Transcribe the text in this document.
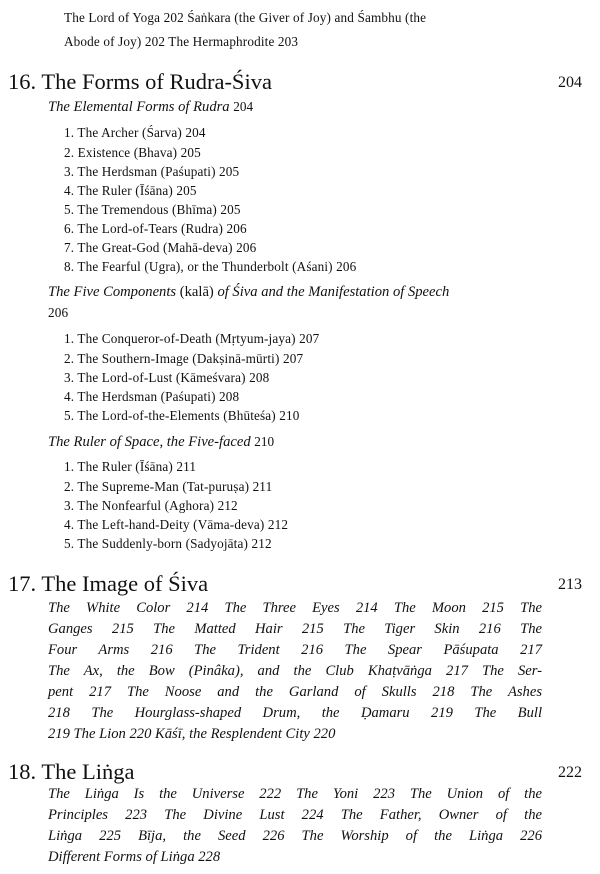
The Lord of Yoga 202 Śaṅkara (the Giver of Joy) and Śambhu (the
Abode of Joy) 202 The Hermaphrodite 203
16. The Forms of Rudra-Śiva	204
The Elemental Forms of Rudra 204
1. The Archer (Śarva) 204
2. Existence (Bhava) 205
3. The Herdsman (Paśupati) 205
4. The Ruler (Īśāna) 205
5. The Tremendous (Bhīma) 205
6. The Lord-of-Tears (Rudra) 206
7. The Great-God (Mahā-deva) 206
8. The Fearful (Ugra), or the Thunderbolt (Aśani) 206
The Five Components (kalā) of Śiva and the Manifestation of Speech
206
1. The Conqueror-of-Death (Mṛtyum-jaya) 207
2. The Southern-Image (Dakṣinā-mūrti) 207
3. The Lord-of-Lust (Kāmeśvara) 208
4. The Herdsman (Paśupati) 208
5. The Lord-of-the-Elements (Bhūteśa) 210
The Ruler of Space, the Five-faced 210
1. The Ruler (Īśāna) 211
2. The Supreme-Man (Tat-puruṣa) 211
3. The Nonfearful (Aghora) 212
4. The Left-hand-Deity (Vāma-deva) 212
5. The Suddenly-born (Sadyojāta) 212
17. The Image of Śiva	213
The White Color 214 The Three Eyes 214 The Moon 215 The
Ganges 215 The Matted Hair 215 The Tiger Skin 216 The
Four Arms 216 The Trident 216 The Spear Pāśupata 217
The Ax, the Bow (Pinâka), and the Club Khaṭvāṅga 217 The Ser-
pent 217 The Noose and the Garland of Skulls 218 The Ashes
218 The Hourglass-shaped Drum, the Ḍamaru 219 The Bull
219 The Lion 220 Kāśī, the Resplendent City 220
18. The Liṅga	222
The Liṅga Is the Universe 222 The Yoni 223 The Union of the
Principles 223 The Divine Lust 224 The Father, Owner of the
Liṅga 225 Bīja, the Seed 226 The Worship of the Liṅga 226
Different Forms of Liṅga 228
